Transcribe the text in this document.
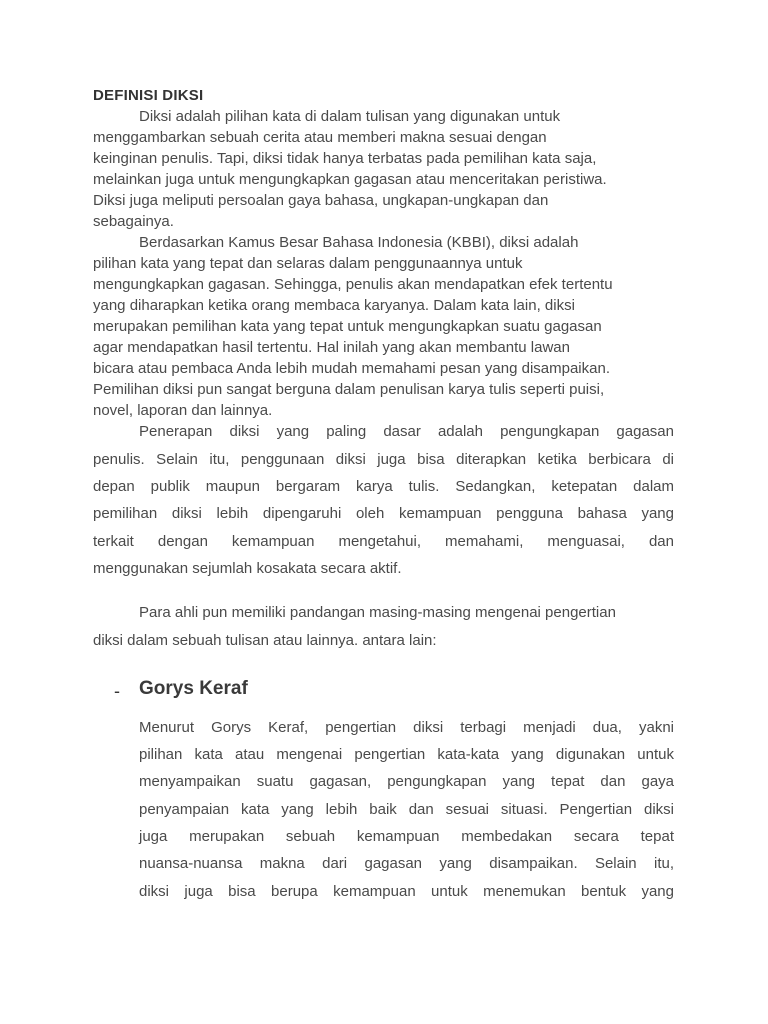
DEFINISI DIKSI
Diksi adalah pilihan kata di dalam tulisan yang digunakan untuk
menggambarkan sebuah cerita atau memberi makna sesuai dengan
keinginan penulis. Tapi, diksi tidak hanya terbatas pada pemilihan kata saja,
melainkan juga untuk mengungkapkan gagasan atau menceritakan peristiwa.
Diksi juga meliputi persoalan gaya bahasa, ungkapan-ungkapan dan
sebagainya.
Berdasarkan Kamus Besar Bahasa Indonesia (KBBI), diksi adalah
pilihan kata yang tepat dan selaras dalam penggunaannya untuk
mengungkapkan gagasan. Sehingga, penulis akan mendapatkan efek tertentu
yang diharapkan ketika orang membaca karyanya. Dalam kata lain, diksi
merupakan pemilihan kata yang tepat untuk mengungkapkan suatu gagasan
agar mendapatkan hasil tertentu. Hal inilah yang akan membantu lawan
bicara atau pembaca Anda lebih mudah memahami pesan yang disampaikan.
Pemilihan diksi pun sangat berguna dalam penulisan karya tulis seperti puisi,
novel, laporan dan lainnya.
Penerapan diksi yang paling dasar adalah pengungkapan gagasan
penulis. Selain itu, penggunaan diksi juga bisa diterapkan ketika berbicara di
depan publik maupun bergaram karya tulis. Sedangkan, ketepatan dalam
pemilihan diksi lebih dipengaruhi oleh kemampuan pengguna bahasa yang
terkait dengan kemampuan mengetahui, memahami, menguasai, dan
menggunakan sejumlah kosakata secara aktif.
Para ahli pun memiliki pandangan masing-masing mengenai pengertian
diksi dalam sebuah tulisan atau lainnya. antara lain:
- Gorys Keraf
Menurut Gorys Keraf, pengertian diksi terbagi menjadi dua, yakni
pilihan kata atau mengenai pengertian kata-kata yang digunakan untuk
menyampaikan suatu gagasan, pengungkapan yang tepat dan gaya
penyampaian kata yang lebih baik dan sesuai situasi. Pengertian diksi
juga merupakan sebuah kemampuan membedakan secara tepat
nuansa-nuansa makna dari gagasan yang disampaikan. Selain itu,
diksi juga bisa berupa kemampuan untuk menemukan bentuk yang
